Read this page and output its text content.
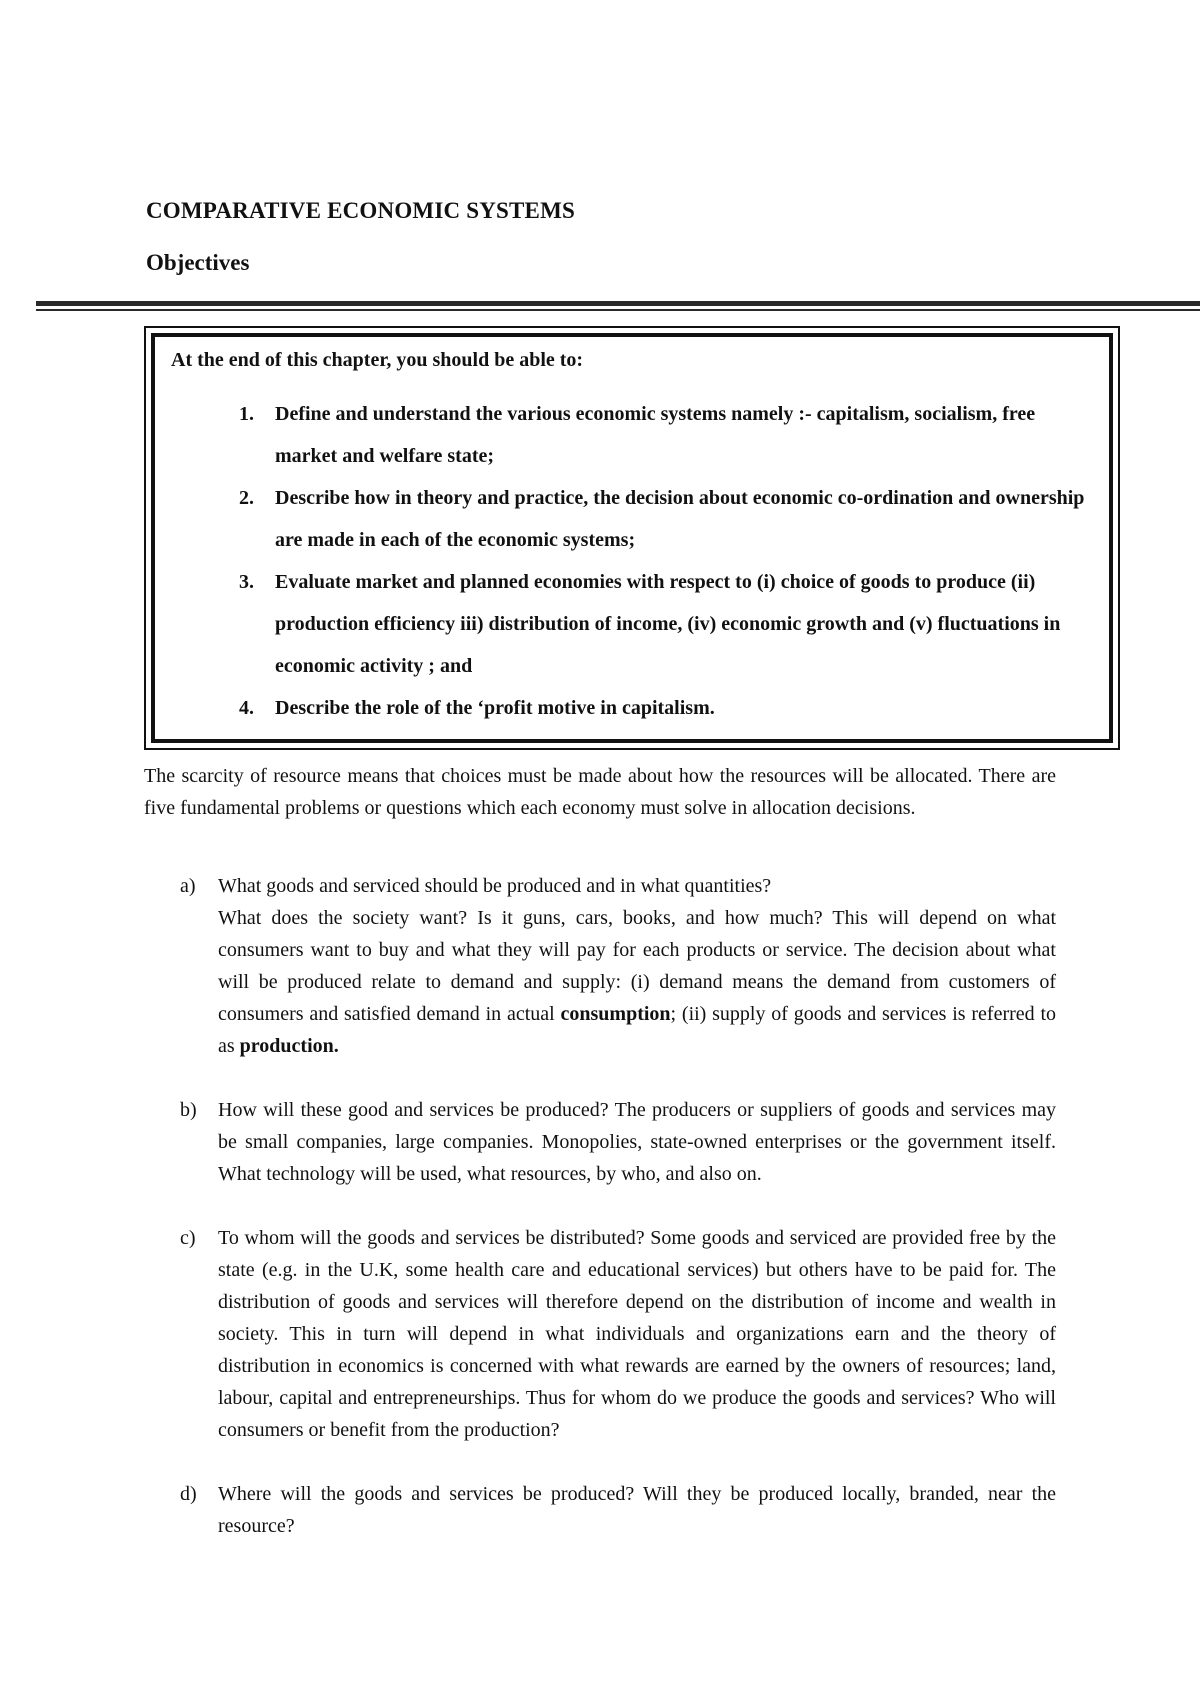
COMPARATIVE ECONOMIC SYSTEMS
Objectives

At the end of this chapter, you should be able to:

1. Define and understand the various economic systems namely :- capitalism, socialism, free market and welfare state;
2. Describe how in theory and practice, the decision about economic co-ordination and ownership are made in each of the economic systems;
3. Evaluate market and planned economies with respect to (i) choice of goods to produce (ii) production efficiency iii) distribution of income, (iv) economic growth and (v) fluctuations in economic activity ; and
4. Describe the role of the ‘profit motive in capitalism.

The scarcity of resource means that choices must be made about how the resources will be allocated. There are five fundamental problems or questions which each economy must solve in allocation decisions.

a) What goods and serviced should be produced and in what quantities?

What does the society want? Is it guns, cars, books, and how much? This will depend on what consumers want to buy and what they will pay for each products or service. The decision about what will be produced relate to demand and supply: (i) demand means the demand from customers of consumers and satisfied demand in actual consumption; (ii) supply of goods and services is referred to as production.

b) How will these good and services be produced? The producers or suppliers of goods and services may be small companies, large companies. Monopolies, state-owned enterprises or the government itself. What technology will be used, what resources, by who, and also on.

c) To whom will the goods and services be distributed? Some goods and serviced are provided free by the state (e.g. in the U.K, some health care and educational services) but others have to be paid for. The distribution of goods and services will therefore depend on the distribution of income and wealth in society. This in turn will depend in what individuals and organizations earn and the theory of distribution in economics is concerned with what rewards are earned by the owners of resources; land, labour, capital and entrepreneurships. Thus for whom do we produce the goods and services? Who will consumers or benefit from the production?

d) Where will the goods and services be produced? Will they be produced locally, branded, near the resource?
